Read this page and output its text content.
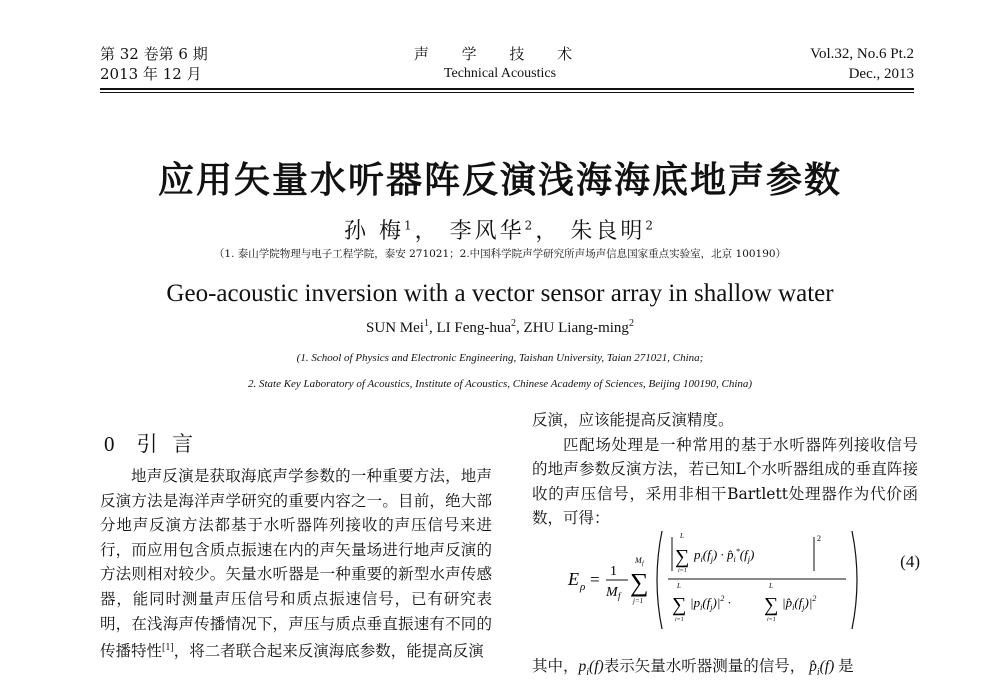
第 32 卷第 6 期
2013 年 12 月
声 学 技 术
Technical Acoustics
Vol.32, No.6 Pt.2
Dec., 2013
应用矢量水听器阵反演浅海海底地声参数
孙 梅$^1$， 李风华$^2$， 朱良明$^2$
（1. 泰山学院物理与电子工程学院，泰安 271021；2.中国科学院声学研究所声场声信息国家重点实验室，北京 100190）
Geo-acoustic inversion with a vector sensor array in shallow water
SUN Mei$^1$, LI Feng-hua$^2$, ZHU Liang-ming$^2$
(1. School of Physics and Electronic Engineering, Taishan University, Taian 271021, China;
2. State Key Laboratory of Acoustics, Institute of Acoustics, Chinese Academy of Sciences, Beijing 100190, China)
0 引 言

地声反演是获取海底声学参数的一种重要方法，地声反演方法是海洋声学研究的重要内容之一。目前，绝大部分地声反演方法都基于水听器阵列接收的声压信号来进行，而应用包含质点振速在内的声矢量场进行地声反演的方法则相对较少。矢量水听器是一种重要的新型水声传感器，能同时测量声压信号和质点振速信号，已有研究表明，在浅海声传播情况下，声压与质点垂直振速有不同的传播特性[1]，将二者联合起来反演海底参数，能提高反演

反演，应该能提高反演精度。

匹配场处理是一种常用的基于水听器阵列接收信号的地声参数反演方法，若已知L个水听器组成的垂直阵接收的声压信号，采用非相干Bartlett处理器作为代价函数，可得：

E ρ = 1
M f ∑
M f
j=1
∑
L
i=1
$p_i(f_j)$ · $p̂_i^*(f_j)$
2
∑
L
i=1
$|p_i(f_j)|^2$ · ∑
L
i=1
$|p̂_i(f_j)|^2$
(4)
其中，$p_i(f)$表示矢量水听器测量的信号， $p̂_i(f)$ 是
